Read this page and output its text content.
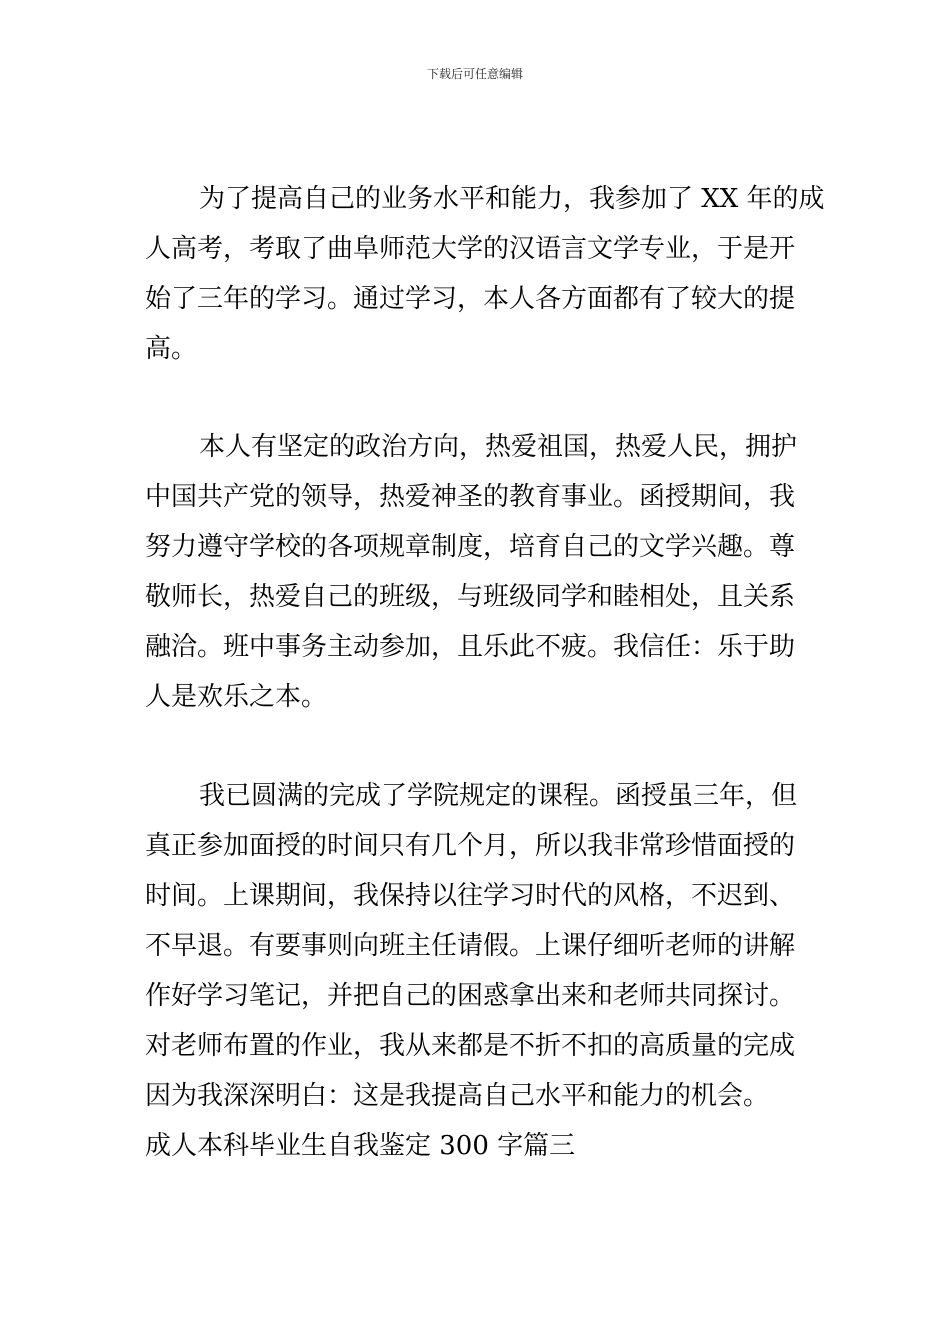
下载后可任意编辑
为了提高自己的业务水平和能力，我参加了 XX 年的成
人高考，考取了曲阜师范大学的汉语言文学专业，于是开
始了三年的学习。通过学习，本人各方面都有了较大的提
高。
本人有坚定的政治方向，热爱祖国，热爱人民，拥护
中国共产党的领导，热爱神圣的教育事业。函授期间，我
努力遵守学校的各项规章制度，培育自己的文学兴趣。尊
敬师长，热爱自己的班级，与班级同学和睦相处，且关系
融洽。班中事务主动参加，且乐此不疲。我信任：乐于助
人是欢乐之本。
我已圆满的完成了学院规定的课程。函授虽三年，但
真正参加面授的时间只有几个月，所以我非常珍惜面授的
时间。上课期间，我保持以往学习时代的风格，不迟到、
不早退。有要事则向班主任请假。上课仔细听老师的讲解
作好学习笔记，并把自己的困惑拿出来和老师共同探讨。
对老师布置的作业，我从来都是不折不扣的高质量的完成
因为我深深明白：这是我提高自己水平和能力的机会。
成人本科毕业生自我鉴定 300 字篇三
